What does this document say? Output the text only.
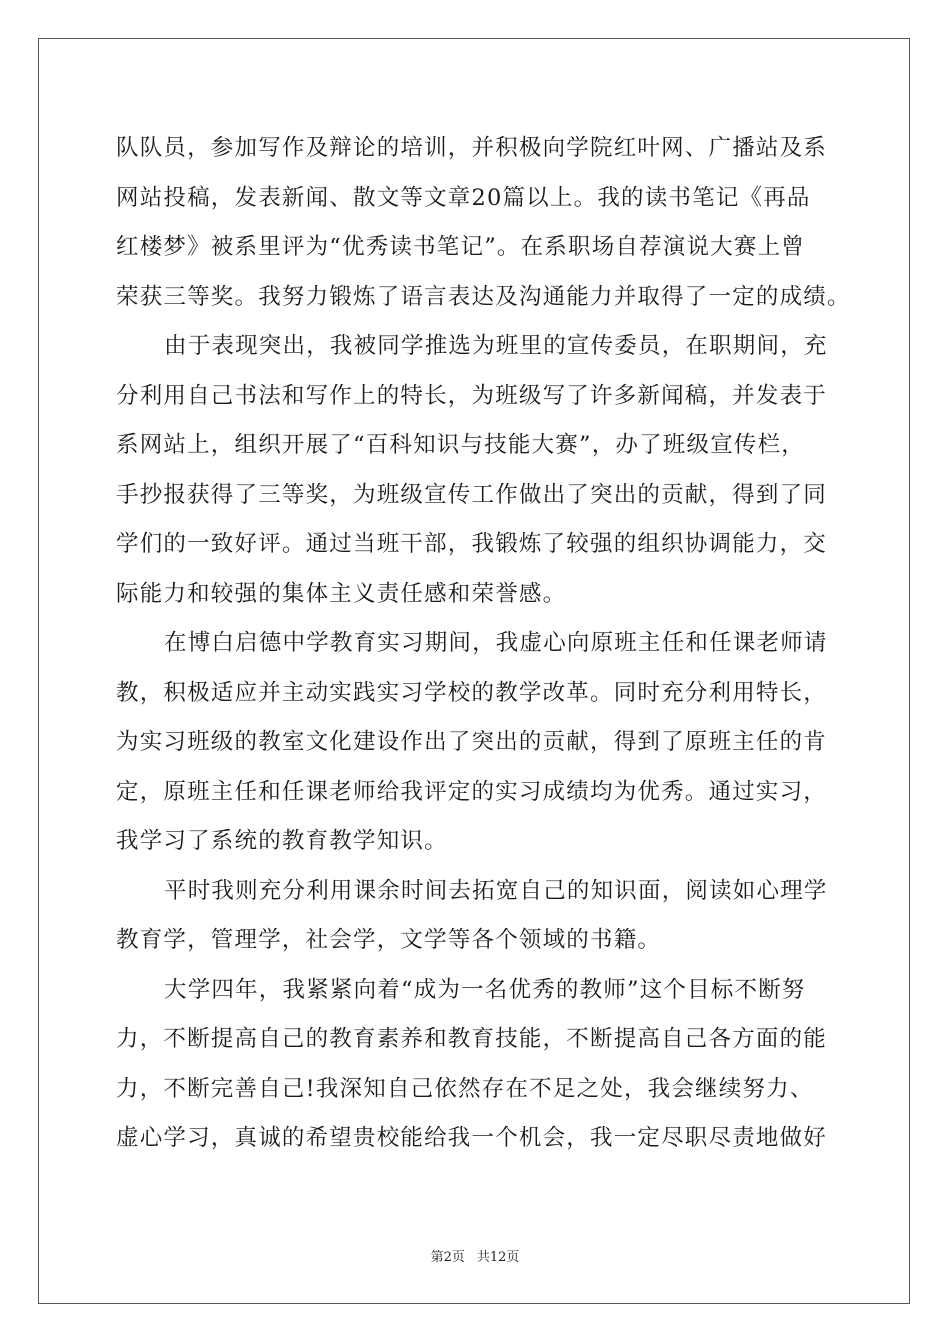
队队员，参加写作及辩论的培训，并积极向学院红叶网、广播站及系
网站投稿，发表新闻、散文等文章20篇以上。我的读书笔记《再品
红楼梦》被系里评为“优秀读书笔记”。在系职场自荐演说大赛上曾
荣获三等奖。我努力锻炼了语言表达及沟通能力并取得了一定的成绩。
由于表现突出，我被同学推选为班里的宣传委员，在职期间，充
分利用自己书法和写作上的特长，为班级写了许多新闻稿，并发表于
系网站上，组织开展了“百科知识与技能大赛”，办了班级宣传栏，
手抄报获得了三等奖，为班级宣传工作做出了突出的贡献，得到了同
学们的一致好评。通过当班干部，我锻炼了较强的组织协调能力，交
际能力和较强的集体主义责任感和荣誉感。
在博白启德中学教育实习期间，我虚心向原班主任和任课老师请
教，积极适应并主动实践实习学校的教学改革。同时充分利用特长，
为实习班级的教室文化建设作出了突出的贡献，得到了原班主任的肯
定，原班主任和任课老师给我评定的实习成绩均为优秀。通过实习，
我学习了系统的教育教学知识。
平时我则充分利用课余时间去拓宽自己的知识面，阅读如心理学
教育学，管理学，社会学，文学等各个领域的书籍。
大学四年，我紧紧向着“成为一名优秀的教师”这个目标不断努
力，不断提高自己的教育素养和教育技能，不断提高自己各方面的能
力，不断完善自己!我深知自己依然存在不足之处，我会继续努力、
虚心学习，真诚的希望贵校能给我一个机会，我一定尽职尽责地做好
第2页 共12页
